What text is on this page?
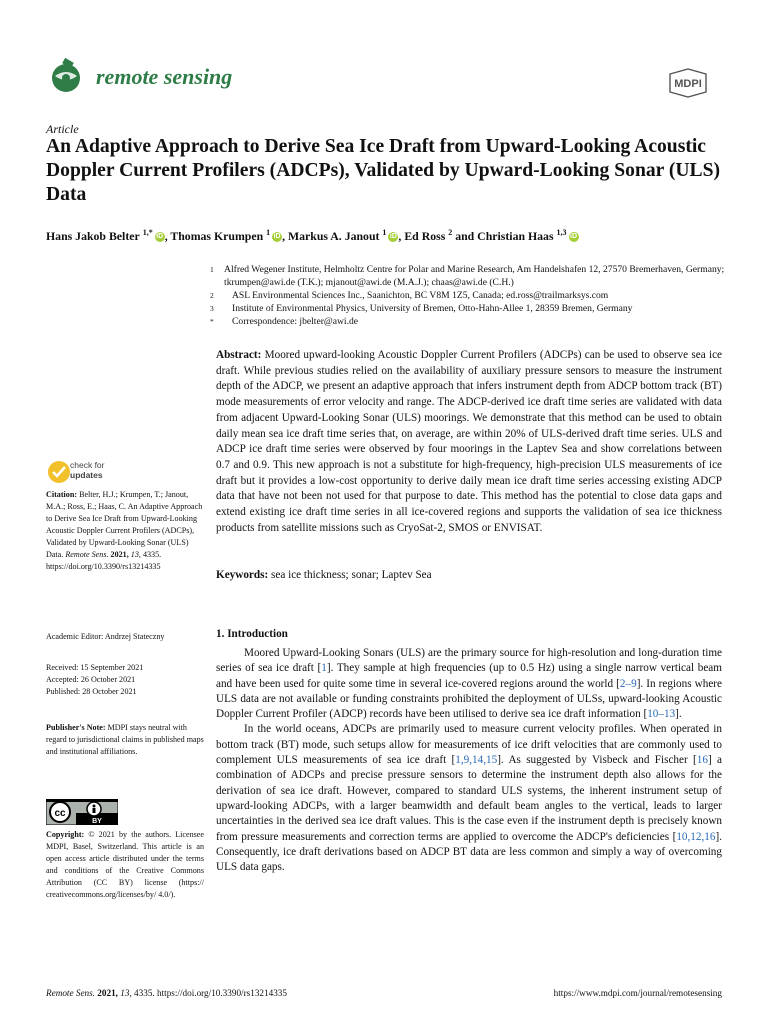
remote sensing	MDPI
Article
An Adaptive Approach to Derive Sea Ice Draft from Upward-Looking Acoustic Doppler Current Profilers (ADCPs), Validated by Upward-Looking Sonar (ULS) Data
Hans Jakob Belter $^{1,*}$ iD , Thomas Krumpen $^1$ iD , Markus A. Janout $^1$ iD , Ed Ross $^2$ and Christian Haas $^{1,3}$ iD
1	Alfred Wegener Institute, Helmholtz Centre for Polar and Marine Research, Am Handelshafen 12, 27570 Bremerhaven, Germany; tkrumpen@awi.de (T.K.); mjanout@awi.de (M.A.J.); chaas@awi.de (C.H.)
2	ASL Environmental Sciences Inc., Saanichton, BC V8M 1Z5, Canada; ed.ross@trailmarksys.com
3	Institute of Environmental Physics, University of Bremen, Otto-Hahn-Allee 1, 28359 Bremen, Germany
*	Correspondence: jbelter@awi.de
Abstract: Moored upward-looking Acoustic Doppler Current Profilers (ADCPs) can be used to observe sea ice draft. While previous studies relied on the availability of auxiliary pressure sensors to measure the instrument depth of the ADCP, we present an adaptive approach that infers instrument depth from ADCP bottom track (BT) mode measurements of error velocity and range. The ADCP-derived ice draft time series are validated with data from adjacent Upward-Looking Sonar (ULS) moorings. We demonstrate that this method can be used to obtain daily mean sea ice draft time series that, on average, are within 20% of ULS-derived draft time series. ULS and ADCP ice draft time series were observed by four moorings in the Laptev Sea and show correlations between 0.7 and 0.9. This new approach is not a substitute for high-frequency, high-precision ULS measurements of ice draft but it provides a low-cost opportunity to derive daily mean ice draft time series accessing existing ADCP data that have not been not used for that purpose to date. This method has the potential to close data gaps and extend existing ice draft time series in all ice-covered regions and supports the validation of sea ice thickness products from satellite missions such as CryoSat-2, SMOS or ENVISAT.
Keywords: sea ice thickness; sonar; Laptev Sea
check for
updates
Citation: Belter, H.J.; Krumpen, T.; Janout, M.A.; Ross, E.; Haas, C. An Adaptive Approach to Derive Sea Ice Draft from Upward-Looking Acoustic Doppler Current Profilers (ADCPs), Validated by Upward-Looking Sonar (ULS) Data. Remote Sens. 2021, 13, 4335. https://doi.org/10.3390/rs13214335
Academic Editor: Andrzej Stateczny
Received: 15 September 2021
Accepted: 26 October 2021
Published: 28 October 2021
Publisher's Note: MDPI stays neutral with regard to jurisdictional claims in published maps and institutional affiliations.
cc
BY
Copyright: © 2021 by the authors. Licensee MDPI, Basel, Switzerland. This article is an open access article distributed under the terms and conditions of the Creative Commons Attribution (CC BY) license (https:// creativecommons.org/licenses/by/ 4.0/).
1. Introduction

Moored Upward-Looking Sonars (ULS) are the primary source for high-resolution and long-duration time series of sea ice draft [1]. They sample at high frequencies (up to 0.5 Hz) using a single narrow vertical beam and have been used for quite some time in several ice-covered regions around the world [2–9]. In regions where ULS data are not available or funding constraints prohibited the deployment of ULSs, upward-looking Acoustic Doppler Current Profiler (ADCP) records have been utilised to derive sea ice draft information [10–13].

In the world oceans, ADCPs are primarily used to measure current velocity profiles. When operated in bottom track (BT) mode, such setups allow for measurements of ice drift velocities that are commonly used to complement ULS measurements of sea ice draft [1,9,14,15]. As suggested by Visbeck and Fischer [16] a combination of ADCPs and precise pressure sensors to determine the instrument depth also allows for the derivation of sea ice draft. However, compared to standard ULS systems, the inherent instrument setup of upward-looking ADCPs, with a larger beamwidth and default beam angles to the vertical, leads to larger uncertainties in the derived sea ice draft values. This is the case even if the instrument depth is precisely known from pressure measurements and correction terms are applied to overcome the ADCP's deficiencies [10,12,16]. Consequently, ice draft derivations based on ADCP BT data are less common and simply a way of overcoming ULS data gaps.

Remote Sens. 2021, 13, 4335. https://doi.org/10.3390/rs13214335	https://www.mdpi.com/journal/remotesensing
